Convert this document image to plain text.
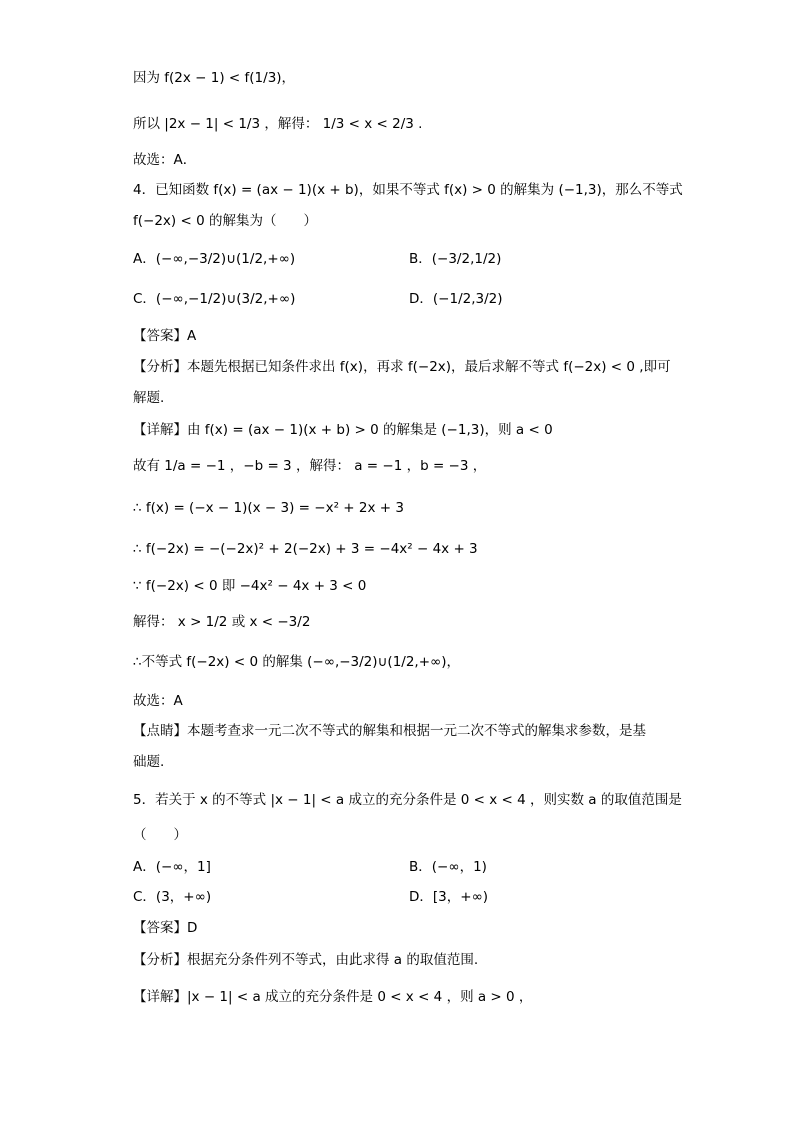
因为 f(2x − 1) < f(1/3)，
所以 |2x − 1| < 1/3 ，解得： 1/3 < x < 2/3 .
故选：A．
4．已知函数 f(x) = (ax − 1)(x + b)，如果不等式 f(x) > 0 的解集为 (−1,3)，那么不等式
f(−2x) < 0 的解集为（　　）
A．(−∞,−3/2)∪(1/2,+∞)	B．(−3/2,1/2)
C．(−∞,−1/2)∪(3/2,+∞)	D．(−1/2,3/2)
【答案】A
【分析】本题先根据已知条件求出 f(x)，再求 f(−2x)，最后求解不等式 f(−2x) < 0 ,即可
解题.
【详解】由 f(x) = (ax − 1)(x + b) > 0 的解集是 (−1,3)，则 a < 0
故有 1/a = −1 ，−b = 3 ，解得： a = −1 ，b = −3 ，
∴ f(x) = (−x − 1)(x − 3) = −x² + 2x + 3
∴ f(−2x) = −(−2x)² + 2(−2x) + 3 = −4x² − 4x + 3
∵ f(−2x) < 0 即 −4x² − 4x + 3 < 0
解得： x > 1/2 或 x < −3/2
∴不等式 f(−2x) < 0 的解集 (−∞,−3/2)∪(1/2,+∞)，
故选：A
【点睛】本题考查求一元二次不等式的解集和根据一元二次不等式的解集求参数，是基
础题.
5．若关于 x 的不等式 |x − 1| < a 成立的充分条件是 0 < x < 4 ，则实数 a 的取值范围是
（　　）
A．(−∞，1]	B．(−∞，1)
C．(3，+∞)	D．[3，+∞)
【答案】D
【分析】根据充分条件列不等式，由此求得 a 的取值范围.
【详解】|x − 1| < a 成立的充分条件是 0 < x < 4 ，则 a > 0 ，
